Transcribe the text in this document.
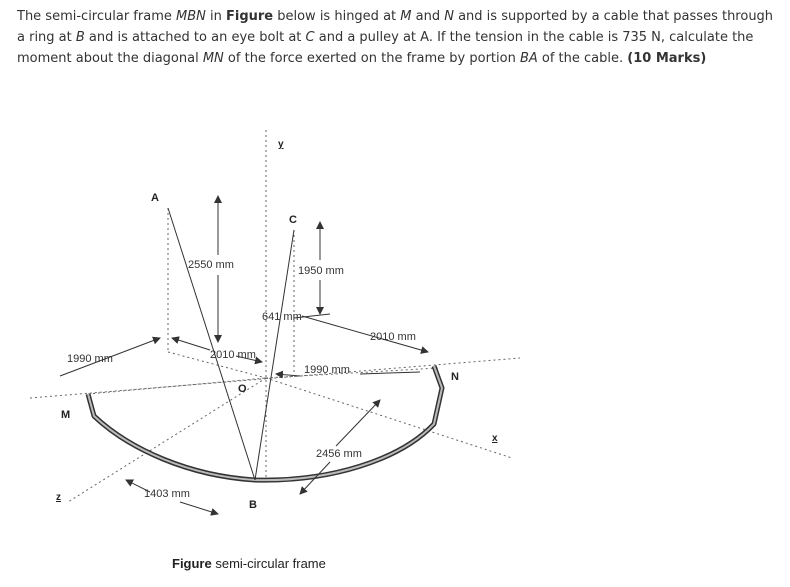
The semi-circular frame MBN in Figure below is hinged at M and N and is supported by a cable that passes through a ring at B and is attached to an eye bolt at C and a pulley at A. If the tension in the cable is 735 N, calculate the moment about the diagonal MN of the force exerted on the frame by portion BA of the cable. (10 Marks)

A
C
O
M
N
B
y
x
z
2550 mm	1950 mm
641 mm
2010 mm
2010 mm
1990 mm
1990 mm
2456 mm
1403 mm
Figure semi-circular frame
